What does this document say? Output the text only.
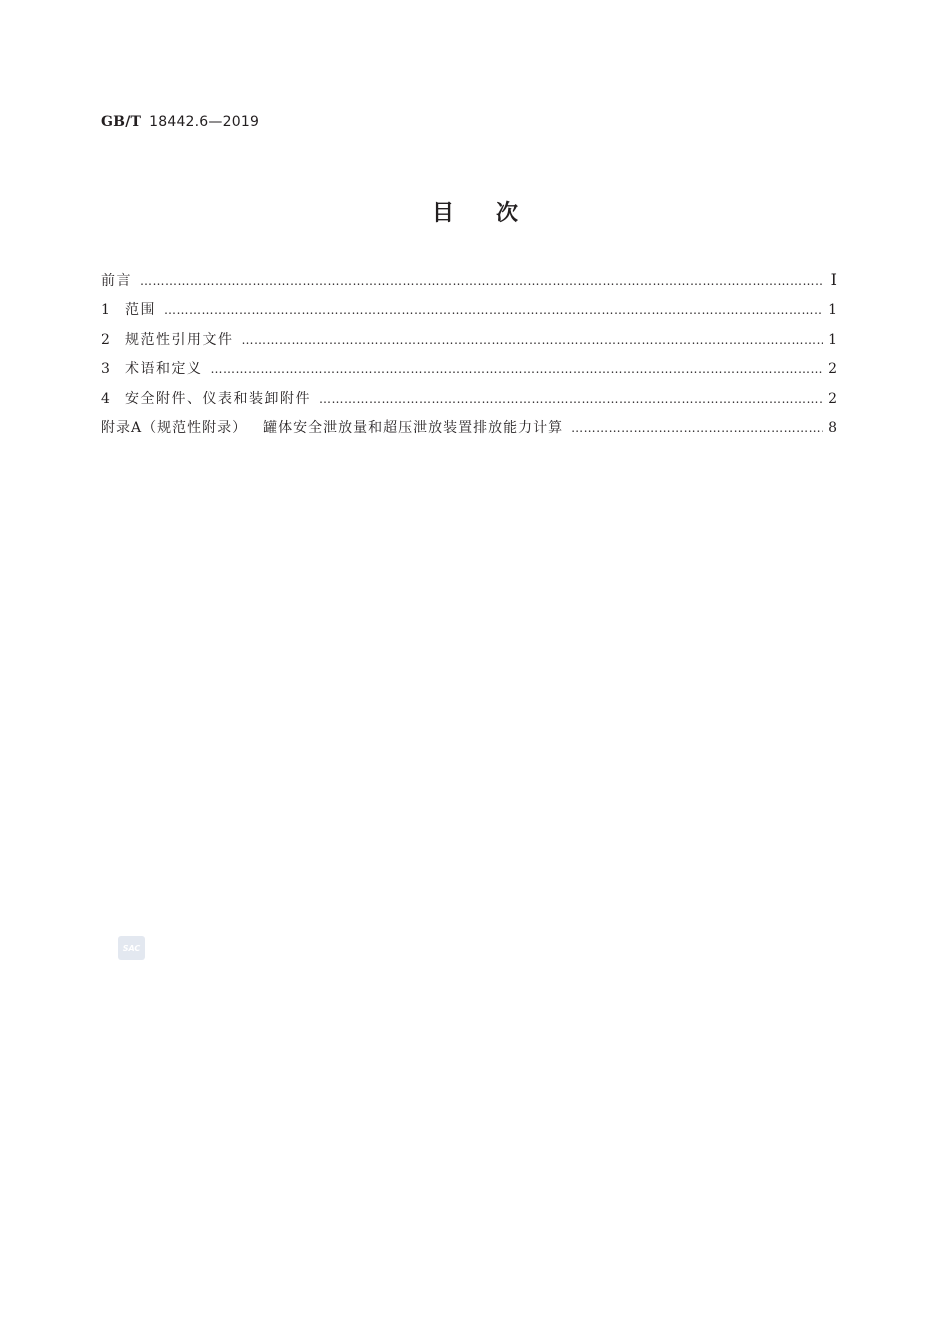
GB/T 18442.6—2019
目次
前言 …………………………………………………………………………………………………………………………………………………………………………………………………………………………………………	Ⅰ
1	范围 …………………………………………………………………………………………………………………………………………………………………………………………………………………………………………	1
2	规范性引用文件 …………………………………………………………………………………………………………………………………………………………………………………………………………………………………………	1
3	术语和定义 …………………………………………………………………………………………………………………………………………………………………………………………………………………………………………	2
4	安全附件、仪表和装卸附件 …………………………………………………………………………………………………………………………………………………………………………………………………………………………………………	2
附录A（规范性附录） 罐体安全泄放量和超压泄放装置排放能力计算 …………………………………………………………………………………………………………………………………………………………………………………………………………………………………………	8
SAC
